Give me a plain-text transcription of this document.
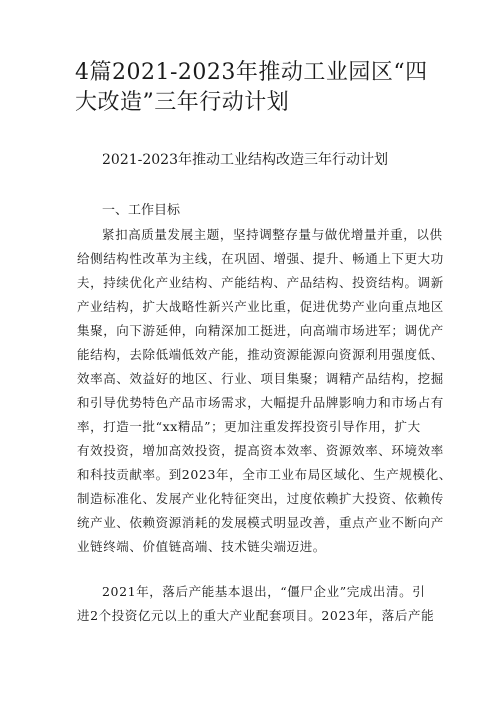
4篇2021-2023年推动工业园区“四大改造”三年行动计划
2021-2023年推动工业结构改造三年行动计划
一、工作目标
紧扣高质量发展主题，坚持调整存量与做优增量并重，以供
给侧结构性改革为主线，在巩固、增强、提升、畅通上下更大功
夫，持续优化产业结构、产能结构、产品结构、投资结构。调新
产业结构，扩大战略性新兴产业比重，促进优势产业向重点地区
集聚，向下游延伸，向精深加工挺进，向高端市场进军；调优产
能结构，去除低端低效产能，推动资源能源向资源利用强度低、
效率高、效益好的地区、行业、项目集聚；调精产品结构，挖掘
和引导优势特色产品市场需求，大幅提升品牌影响力和市场占有
率，打造一批“xx精品”；更加注重发挥投资引导作用，扩大
有效投资，增加高效投资，提高资本效率、资源效率、环境效率
和科技贡献率。到2023年，全市工业布局区域化、生产规模化、
制造标准化、发展产业化特征突出，过度依赖扩大投资、依赖传
统产业、依赖资源消耗的发展模式明显改善，重点产业不断向产
业链终端、价值链高端、技术链尖端迈进。
2021年，落后产能基本退出，“僵尸企业”完成出清。引
进2个投资亿元以上的重大产业配套项目。2023年，落后产能
